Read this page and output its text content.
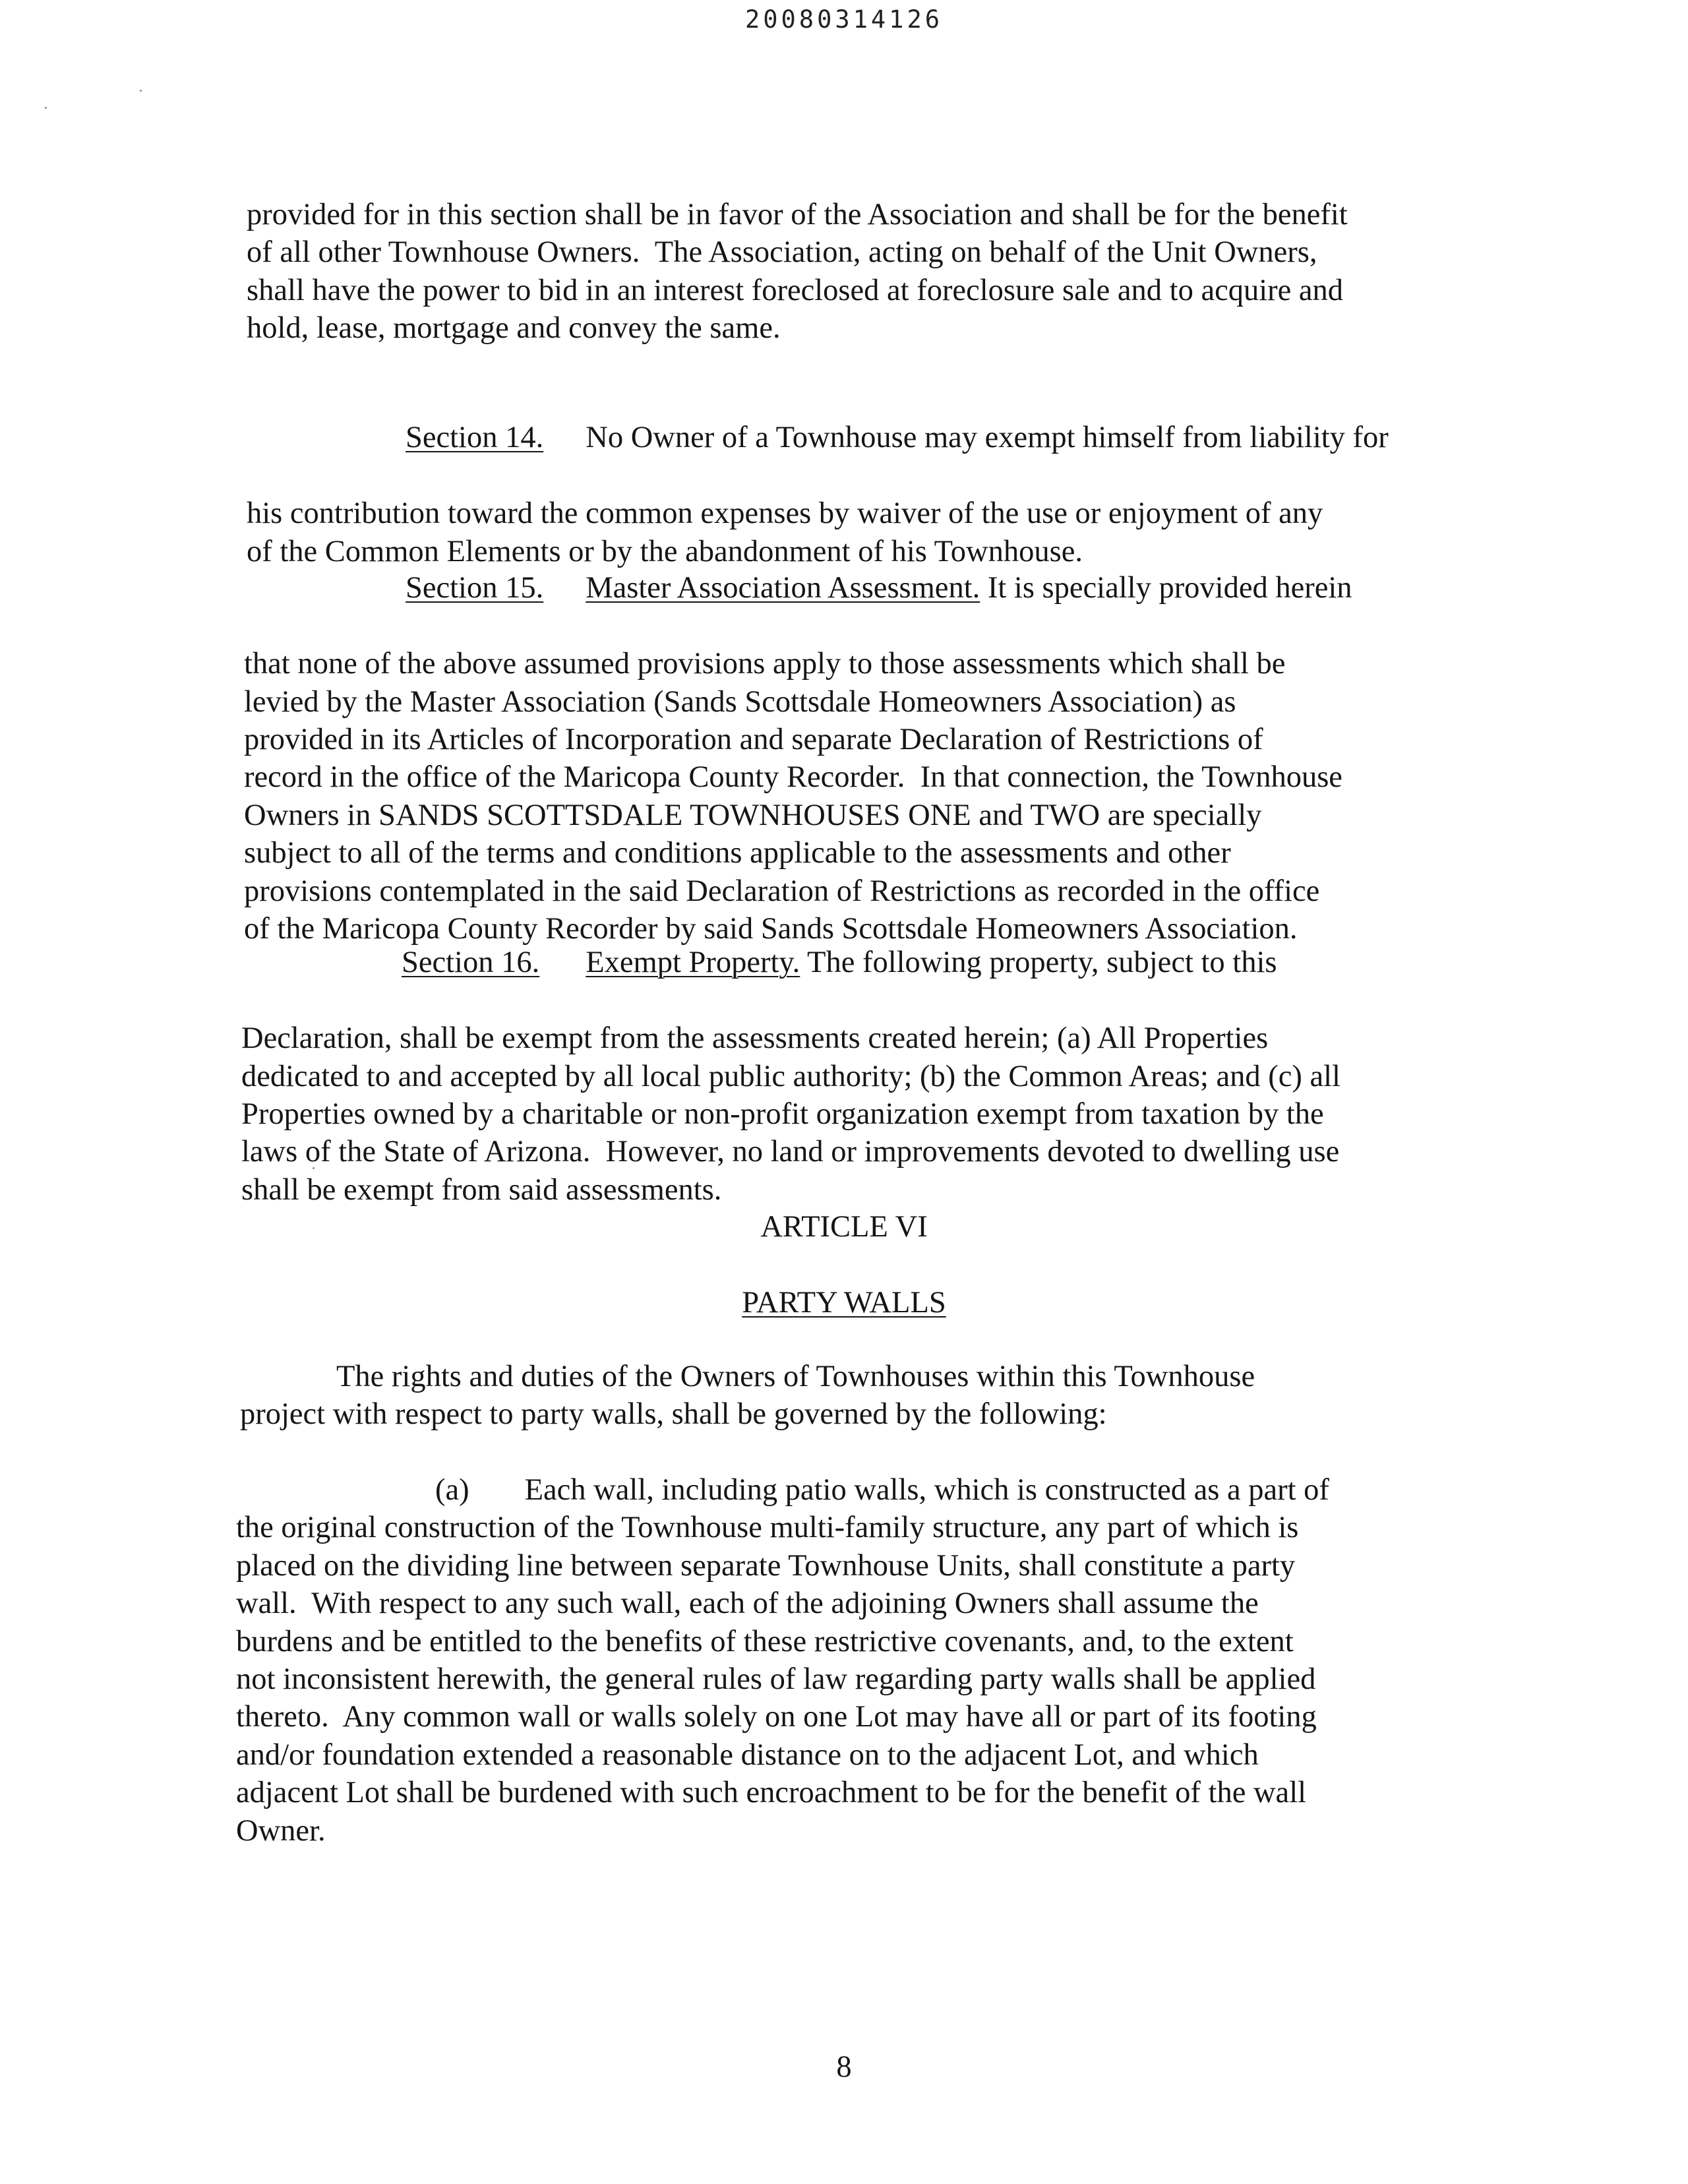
20080314126
provided for in this section shall be in favor of the Association and shall be for the benefit
of all other Townhouse Owners.  The Association, acting on behalf of the Unit Owners,
shall have the power to bid in an interest foreclosed at foreclosure sale and to acquire and
hold, lease, mortgage and convey the same.

Section 14. No Owner of a Townhouse may exempt himself from liability for

his contribution toward the common expenses by waiver of the use or enjoyment of any
of the Common Elements or by the abandonment of his Townhouse.

Section 15. Master Association Assessment. It is specially provided herein

that none of the above assumed provisions apply to those assessments which shall be
levied by the Master Association (Sands Scottsdale Homeowners Association) as
provided in its Articles of Incorporation and separate Declaration of Restrictions of
record in the office of the Maricopa County Recorder.  In that connection, the Townhouse
Owners in SANDS SCOTTSDALE TOWNHOUSES ONE and TWO are specially
subject to all of the terms and conditions applicable to the assessments and other
provisions contemplated in the said Declaration of Restrictions as recorded in the office
of the Maricopa County Recorder by said Sands Scottsdale Homeowners Association.

Section 16. Exempt Property. The following property, subject to this

Declaration, shall be exempt from the assessments created herein; (a) All Properties
dedicated to and accepted by all local public authority; (b) the Common Areas; and (c) all
Properties owned by a charitable or non-profit organization exempt from taxation by the
laws of the State of Arizona.  However, no land or improvements devoted to dwelling use
shall be exempt from said assessments.
ARTICLE VI
PARTY WALLS
The rights and duties of the Owners of Townhouses within this Townhouse
project with respect to party walls, shall be governed by the following:
(a) Each wall, including patio walls, which is constructed as a part of
the original construction of the Townhouse multi-family structure, any part of which is
placed on the dividing line between separate Townhouse Units, shall constitute a party
wall.  With respect to any such wall, each of the adjoining Owners shall assume the
burdens and be entitled to the benefits of these restrictive covenants, and, to the extent
not inconsistent herewith, the general rules of law regarding party walls shall be applied
thereto.  Any common wall or walls solely on one Lot may have all or part of its footing
and/or foundation extended a reasonable distance on to the adjacent Lot, and which
adjacent Lot shall be burdened with such encroachment to be for the benefit of the wall
Owner.
8
